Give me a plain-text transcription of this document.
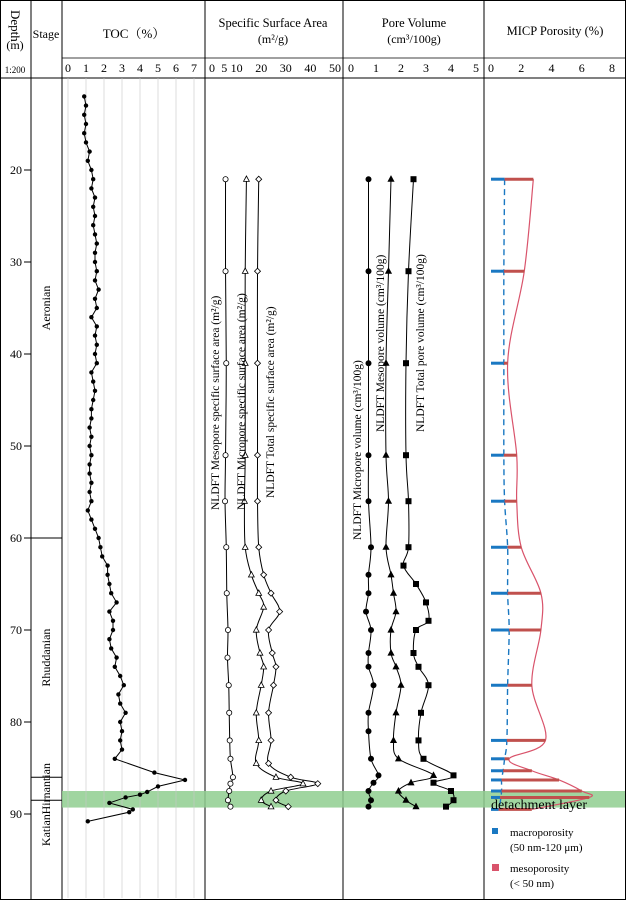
Depth
(m)
1:200
Stage	TOC（%）
Specific Surface Area
(m²/g)
Pore Volume
(cm³/100g)
MICP Porosity (%)
20
30
40
50
60
70
80
90
0 1 2 3 4 5 6 7 0 5 10 20 30 40 50 0 1 2 3 4 5 0 2 4 6 8
Aeronian
Rhuddanian
Hirnantian
Katian
NLDFT Mesopore specific surface area (m²/g) NLDFT Micropore specific surface area (m²/g) NLDFT Total specific surface area (m²/g)	NLDFT Micropore volume (cm³/100g)
NLDFT Mesopore volume (cm³/100g) NLDFT Total pore volume (cm³/100g)
detachment layer
macroporosity
(50 nm-120 μm)
mesoporosity
(< 50 nm)
